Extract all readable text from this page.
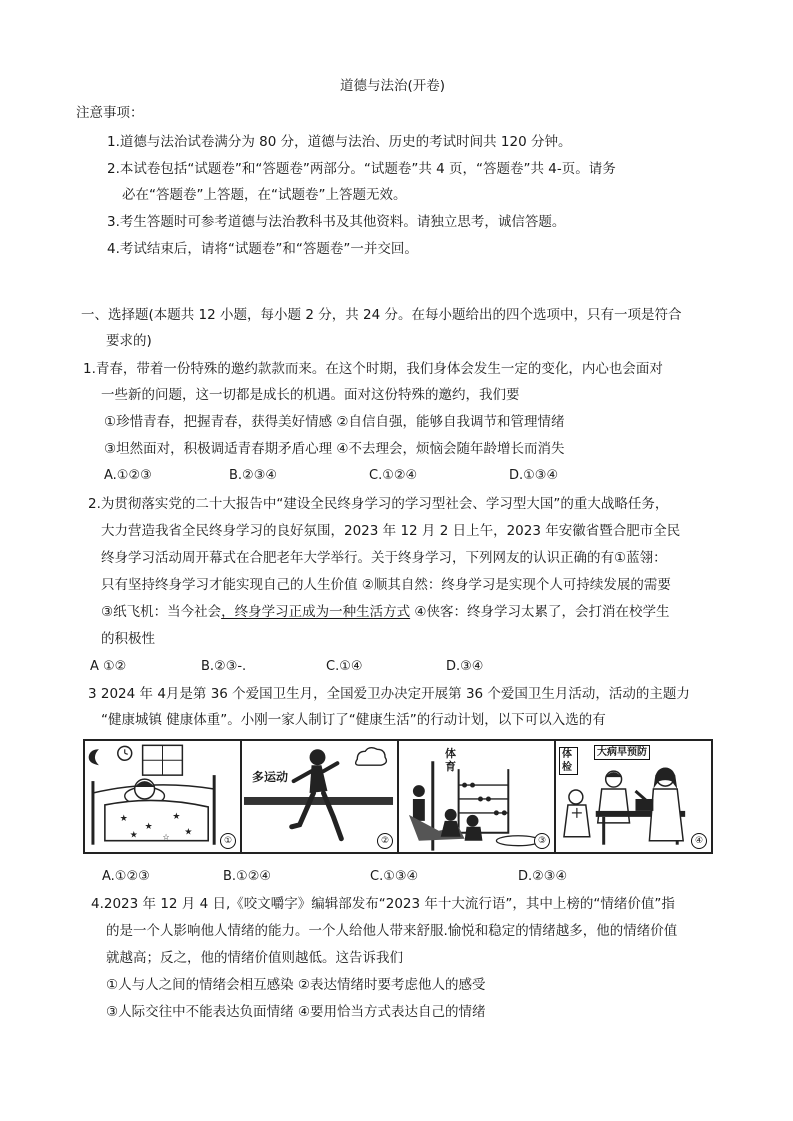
道德与法治(开卷)
注意事项：
1.道德与法治试卷满分为 80 分，道德与法治、历史的考试时间共 120 分钟。
2.本试卷包括“试题卷”和“答题卷”两部分。“试题卷”共 4 页，“答题卷”共 4-页。请务
必在“答题卷”上答题，在“试题卷”上答题无效。
3.考生答题时可参考道德与法治教科书及其他资料。请独立思考，诚信答题。
4.考试结束后，请将“试题卷”和“答题卷”一并交回。
一、选择题(本题共 12 小题，每小题 2 分，共 24 分。在每小题给出的四个选项中，只有一项是符合
要求的)
1.青春，带着一份特殊的邀约款款而来。在这个时期，我们身体会发生一定的变化，内心也会面对
一些新的问题，这一切都是成长的机遇。面对这份特殊的邀约，我们要
①珍惜青春，把握青春，获得美好情感 ②自信自强，能够自我调节和管理情绪
③坦然面对，积极调适青春期矛盾心理 ④不去理会，烦恼会随年龄增长而消失
A.①②③	B.②③④	C.①②④	D.①③④
2.为贯彻落实党的二十大报告中“建设全民终身学习的学习型社会、学习型大国”的重大战略任务，
大力营造我省全民终身学习的良好氛围，2023 年 12 月 2 日上午，2023 年安徽省暨合肥市全民
终身学习活动周开幕式在合肥老年大学举行。关于终身学习，下列网友的认识正确的有①蓝翎：
只有坚持终身学习才能实现自己的人生价值 ②顺其自然：终身学习是实现个人可持续发展的需要
③纸飞机：当今社会，终身学习正成为一种生活方式 ④侠客：终身学习太累了，会打消在校学生
的积极性
A ①②	B.②③-.	C.①④	D.③④
3 2024 年 4月是第 36 个爱国卫生月，全国爱卫办决定开展第 36 个爱国卫生月活动，活动的主题力
“健康城镇 健康体重”。小刚一家人制订了“健康生活”的行动计划，以下可以入选的有
★
★
★
★	★
☆	①
多运动
②
体育
③
体检
大病早预防
④
A.①②③	B.①②④	C.①③④	D.②③④
4.2023 年 12 月 4 日,《咬文嚼字》编辑部发布“2023 年十大流行语”，其中上榜的“情绪价值”指
的是一个人影响他人情绪的能力。一个人给他人带来舒服.愉悦和稳定的情绪越多，他的情绪价值
就越高；反之，他的情绪价值则越低。这告诉我们
①人与人之间的情绪会相互感染 ②表达情绪时要考虑他人的感受
③人际交往中不能表达负面情绪 ④要用恰当方式表达自己的情绪
